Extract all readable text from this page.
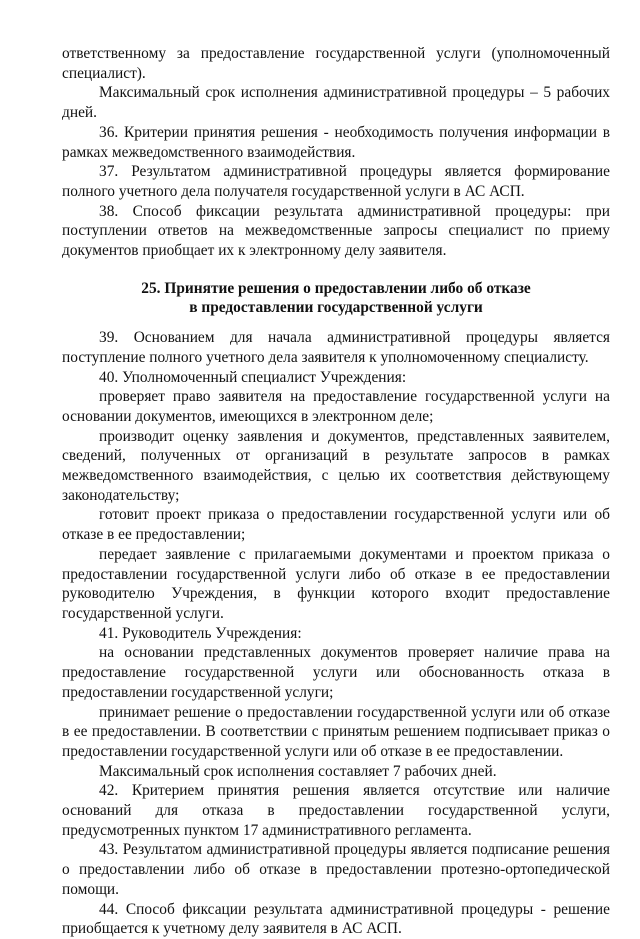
ответственному за предоставление государственной услуги (уполномоченный специалист).

Максимальный срок исполнения административной процедуры – 5 рабочих дней.

36. Критерии принятия решения - необходимость получения информации в рамках межведомственного взаимодействия.

37. Результатом административной процедуры является формирование полного учетного дела получателя государственной услуги в АС АСП.

38. Способ фиксации результата административной процедуры: при поступлении ответов на межведомственные запросы специалист по приему документов приобщает их к электронному делу заявителя.

25. Принятие решения о предоставлении либо об отказе
в предоставлении государственной услуги

39. Основанием для начала административной процедуры является поступление полного учетного дела заявителя к уполномоченному специалисту.

40. Уполномоченный специалист Учреждения:

проверяет право заявителя на предоставление государственной услуги на основании документов, имеющихся в электронном деле;

производит оценку заявления и документов, представленных заявителем, сведений, полученных от организаций в результате запросов в рамках межведомственного взаимодействия, с целью их соответствия действующему законодательству;

готовит проект приказа о предоставлении государственной услуги или об отказе в ее предоставлении;

передает заявление с прилагаемыми документами и проектом приказа о предоставлении государственной услуги либо об отказе в ее предоставлении руководителю Учреждения, в функции которого входит предоставление государственной услуги.

41. Руководитель Учреждения:

на основании представленных документов проверяет наличие права на предоставление государственной услуги или обоснованность отказа в предоставлении государственной услуги;

принимает решение о предоставлении государственной услуги или об отказе в ее предоставлении. В соответствии с принятым решением подписывает приказ о предоставлении государственной услуги или об отказе в ее предоставлении.

Максимальный срок исполнения составляет 7 рабочих дней.

42. Критерием принятия решения является отсутствие или наличие оснований для отказа в предоставлении государственной услуги, предусмотренных пунктом 17 административного регламента.

43. Результатом административной процедуры является подписание решения о предоставлении либо об отказе в предоставлении протезно-ортопедической помощи.

44. Способ фиксации результата административной процедуры - решение приобщается к учетному делу заявителя в АС АСП.
